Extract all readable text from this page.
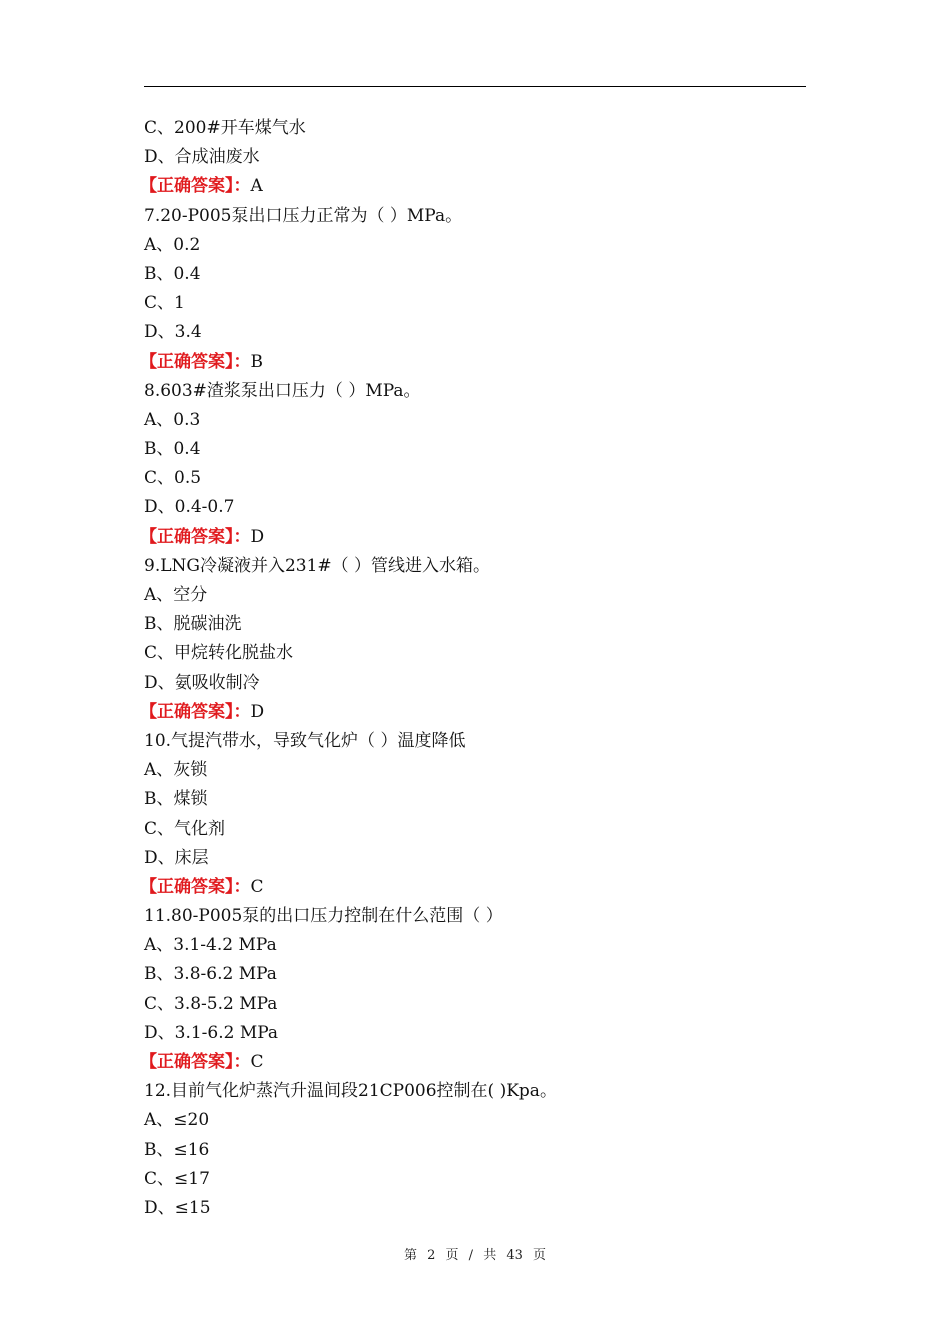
C、200#开车煤气水
D、合成油废水
【正确答案】：A
7.20-P005泵出口压力正常为（ ）MPa。
A、0.2
B、0.4
C、1
D、3.4
【正确答案】：B
8.603#渣浆泵出口压力（ ）MPa。
A、0.3
B、0.4
C、0.5
D、0.4-0.7
【正确答案】：D
9.LNG冷凝液并入231#（ ）管线进入水箱。
A、空分
B、脱碳油洗
C、甲烷转化脱盐水
D、氨吸收制冷
【正确答案】：D
10.气提汽带水，导致气化炉（ ）温度降低
A、灰锁
B、煤锁
C、气化剂
D、床层
【正确答案】：C
11.80-P005泵的出口压力控制在什么范围（ ）
A、3.1-4.2 MPa
B、3.8-6.2 MPa
C、3.8-5.2 MPa
D、3.1-6.2 MPa
【正确答案】：C
12.目前气化炉蒸汽升温间段21CP006控制在( )Kpa。
A、≤20
B、≤16
C、≤17
D、≤15
第 2 页 / 共 43 页
